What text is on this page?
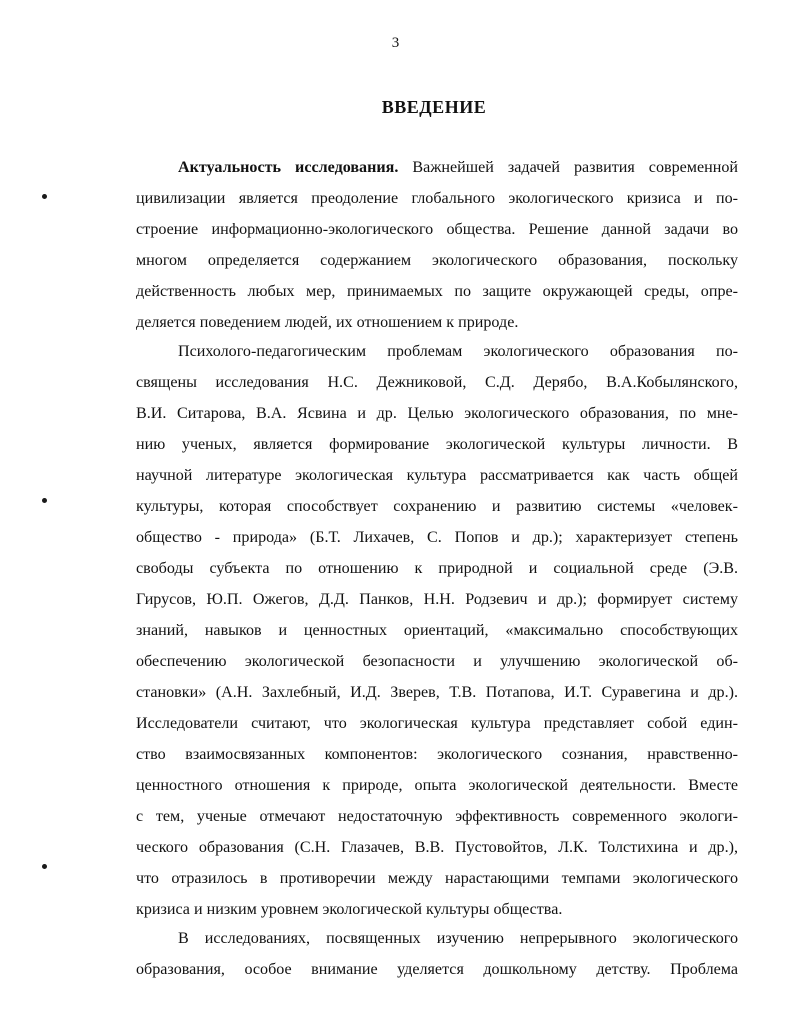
3
ВВЕДЕНИЕ
Актуальность исследования. Важнейшей задачей развития современной
цивилизации является преодоление глобального экологического кризиса и по-
строение информационно-экологического общества. Решение данной задачи во
многом определяется содержанием экологического образования, поскольку
действенность любых мер, принимаемых по защите окружающей среды, опре-
деляется поведением людей, их отношением к природе.
Психолого-педагогическим проблемам экологического образования по-
священы исследования Н.С. Дежниковой, С.Д. Дерябо, В.А.Кобылянского,
В.И. Ситарова, В.А. Ясвина и др. Целью экологического образования, по мне-
нию ученых, является формирование экологической культуры личности. В
научной литературе экологическая культура рассматривается как часть общей
культуры, которая способствует сохранению и развитию системы «человек-
общество - природа» (Б.Т. Лихачев, С. Попов и др.); характеризует степень
свободы субъекта по отношению к природной и социальной среде (Э.В.
Гирусов, Ю.П. Ожегов, Д.Д. Панков, Н.Н. Родзевич и др.); формирует систему
знаний, навыков и ценностных ориентаций, «максимально способствующих
обеспечению экологической безопасности и улучшению экологической об-
становки» (А.Н. Захлебный, И.Д. Зверев, Т.В. Потапова, И.Т. Суравегина и др.).
Исследователи считают, что экологическая культура представляет собой един-
ство взаимосвязанных компонентов: экологического сознания, нравственно-
ценностного отношения к природе, опыта экологической деятельности. Вместе
с тем, ученые отмечают недостаточную эффективность современного экологи-
ческого образования (С.Н. Глазачев, В.В. Пустовойтов, Л.К. Толстихина и др.),
что отразилось в противоречии между нарастающими темпами экологического
кризиса и низким уровнем экологической культуры общества.
В исследованиях, посвященных изучению непрерывного экологического
образования, особое внимание уделяется дошкольному детству. Проблема
